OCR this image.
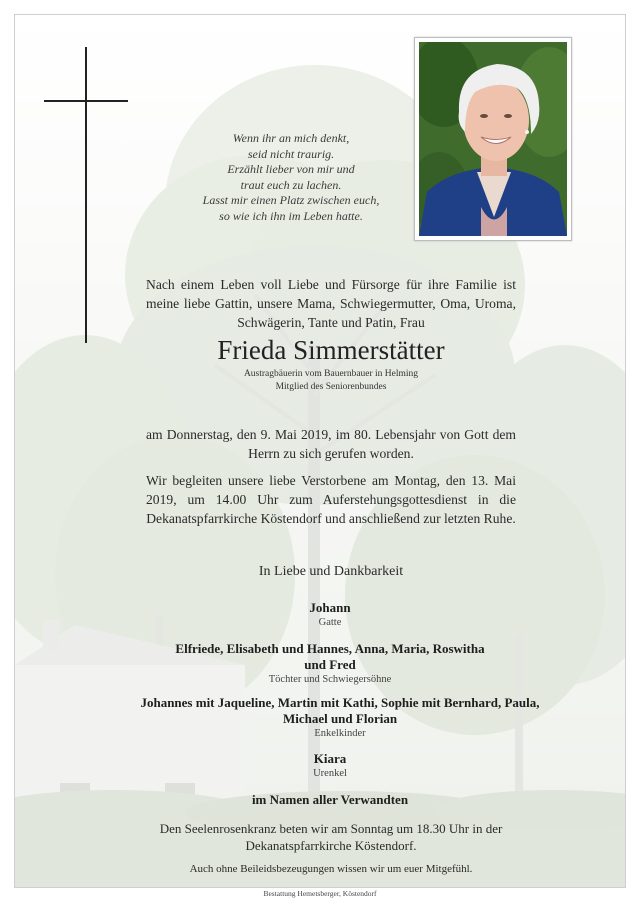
Wenn ihr an mich denkt,
seid nicht traurig.
Erzählt lieber von mir und
traut euch zu lachen.
Lasst mir einen Platz zwischen euch,
so wie ich ihn im Leben hatte.
Nach einem Leben voll Liebe und Fürsorge für ihre Familie ist meine liebe Gattin, unsere Mama, Schwiegermutter, Oma, Uroma, Schwägerin, Tante und Patin, Frau
Frieda Simmerstätter
Austragbäuerin vom Bauernbauer in Helming
Mitglied des Seniorenbundes
am Donnerstag, den 9. Mai 2019, im 80. Lebensjahr von Gott dem Herrn zu sich gerufen worden.
Wir begleiten unsere liebe Verstorbene am Montag, den 13. Mai 2019, um 14.00 Uhr zum Auferstehungsgottesdienst in die Dekanatspfarrkirche Köstendorf und anschließend zur letzten Ruhe.
In Liebe und Dankbarkeit
Johann
Gatte
Elfriede, Elisabeth und Hannes, Anna, Maria, Roswitha und Fred
Töchter und Schwiegersöhne
Johannes mit Jaqueline, Martin mit Kathi, Sophie mit Bernhard, Paula, Michael und Florian
Enkelkinder
Kiara
Urenkel
im Namen aller Verwandten
Den Seelenrosenkranz beten wir am Sonntag um 18.30 Uhr in der Dekanatspfarrkirche Köstendorf.
Auch ohne Beileidsbezeugungen wissen wir um euer Mitgefühl.
Bestattung Hemetsberger, Köstendorf
